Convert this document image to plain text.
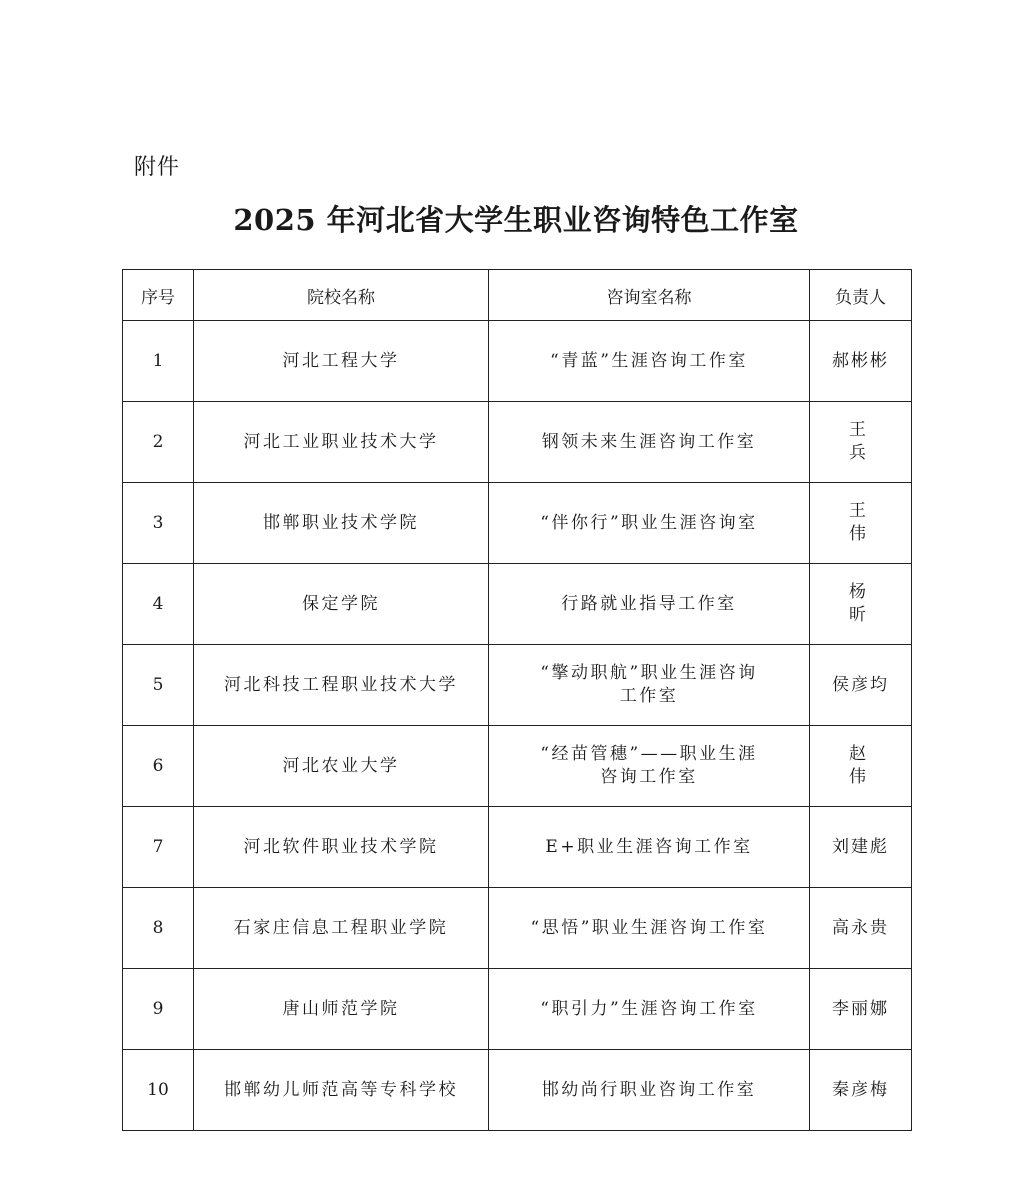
附件
2025 年河北省大学生职业咨询特色工作室
序号	院校名称	咨询室名称	负责人
1	河北工程大学	“青蓝”生涯咨询工作室	郝彬彬
2	河北工业职业技术大学	钢领未来生涯咨询工作室	王兵
3	邯郸职业技术学院	“伴你行”职业生涯咨询室	王伟
4	保定学院	行路就业指导工作室	杨昕
5	河北科技工程职业技术大学	“擎动职航”职业生涯咨询工作室	侯彦均
6	河北农业大学	“经苗管穗”——职业生涯咨询工作室	赵伟
7	河北软件职业技术学院	E+职业生涯咨询工作室	刘建彪
8	石家庄信息工程职业学院	“思悟”职业生涯咨询工作室	高永贵
9	唐山师范学院	“职引力”生涯咨询工作室	李丽娜
10	邯郸幼儿师范高等专科学校	邯幼尚行职业咨询工作室	秦彦梅
